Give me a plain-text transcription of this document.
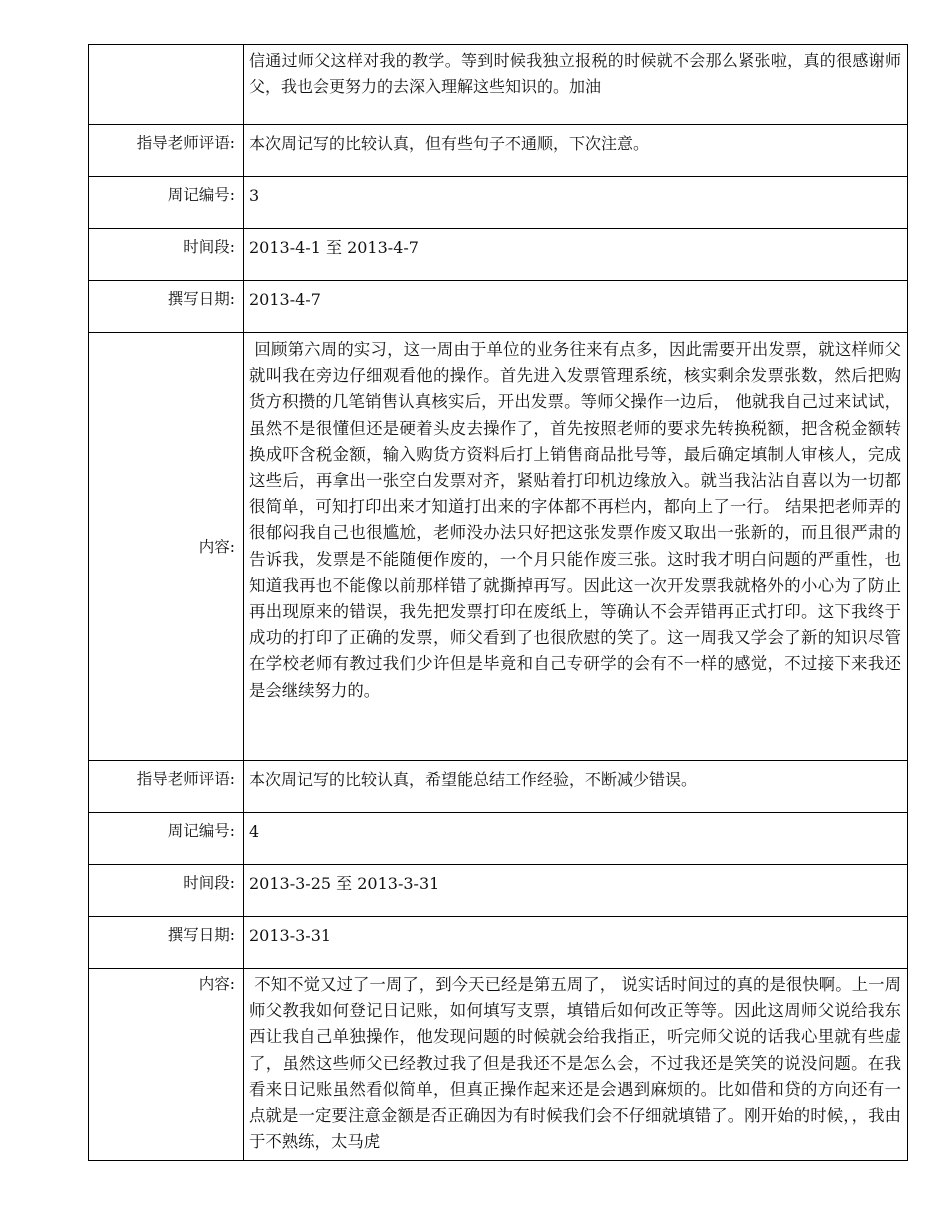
	信通过师父这样对我的教学。等到时候我独立报税的时候就不会那么紧张啦，真的很感谢师父，我也会更努力的去深入理解这些知识的。加油
指导老师评语:	本次周记写的比较认真，但有些句子不通顺，下次注意。
周记编号:	3
时间段:	2013-4-1 至 2013-4-7
撰写日期:	2013-4-7
内容:	回顾第六周的实习，这一周由于单位的业务往来有点多，因此需要开出发票，就这样师父就叫我在旁边仔细观看他的操作。首先进入发票管理系统，核实剩余发票张数，然后把购货方积攒的几笔销售认真核实后，开出发票。等师父操作一边后， 他就我自己过来试试，虽然不是很懂但还是硬着头皮去操作了，首先按照老师的要求先转换税额，把含税金额转换成吓含税金额，输入购货方资料后打上销售商品批号等，最后确定填制人审核人，完成这些后，再拿出一张空白发票对齐，紧贴着打印机边缘放入。就当我沾沾自喜以为一切都很简单，可知打印出来才知道打出来的字体都不再栏内，都向上了一行。 结果把老师弄的很郁闷我自己也很尴尬，老师没办法只好把这张发票作废又取出一张新的，而且很严肃的告诉我，发票是不能随便作废的，一个月只能作废三张。这时我才明白问题的严重性，也知道我再也不能像以前那样错了就撕掉再写。因此这一次开发票我就格外的小心为了防止再出现原来的错误，我先把发票打印在废纸上，等确认不会弄错再正式打印。这下我终于成功的打印了正确的发票，师父看到了也很欣慰的笑了。这一周我又学会了新的知识尽管在学校老师有教过我们少许但是毕竟和自己专研学的会有不一样的感觉，不过接下来我还是会继续努力的。
指导老师评语:	本次周记写的比较认真，希望能总结工作经验，不断减少错误。
周记编号:	4
时间段:	2013-3-25 至 2013-3-31
撰写日期:	2013-3-31
内容:	不知不觉又过了一周了，到今天已经是第五周了， 说实话时间过的真的是很快啊。上一周师父教我如何登记日记账，如何填写支票，填错后如何改正等等。因此这周师父说给我东西让我自己单独操作，他发现问题的时候就会给我指正，听完师父说的话我心里就有些虚了，虽然这些师父已经教过我了但是我还不是怎么会，不过我还是笑笑的说没问题。在我看来日记账虽然看似简单，但真正操作起来还是会遇到麻烦的。比如借和贷的方向还有一点就是一定要注意金额是否正确因为有时候我们会不仔细就填错了。刚开始的时候，，我由于不熟练，太马虎
